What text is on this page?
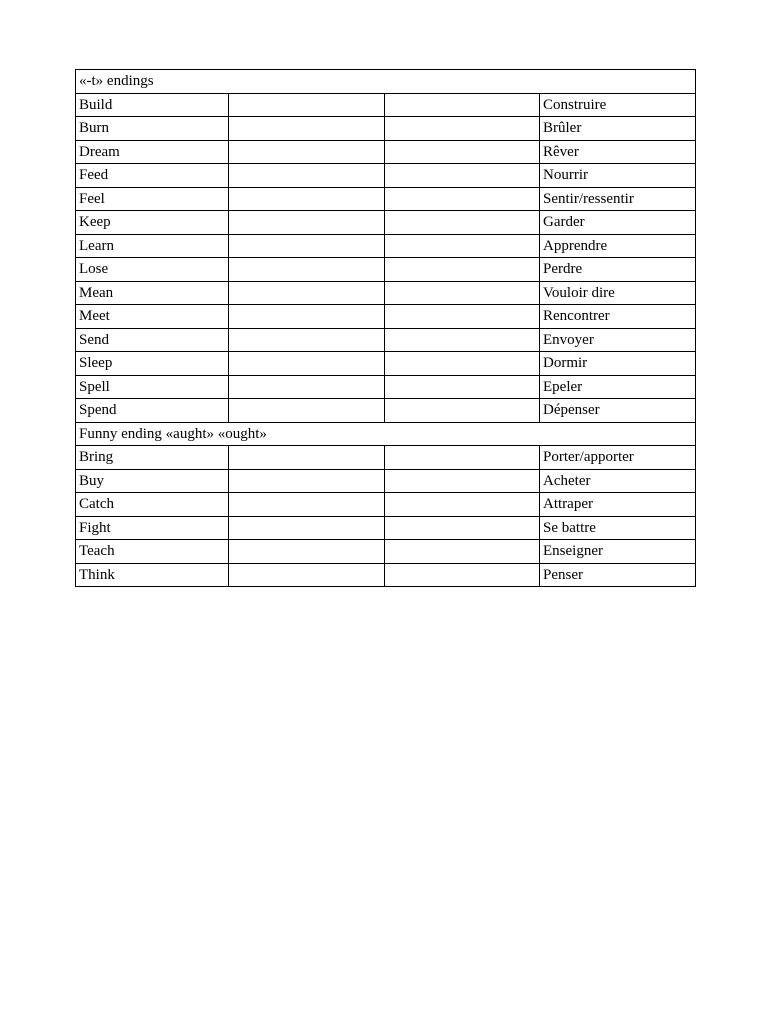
«-t» endings			
Build			Construire
Burn			Brûler
Dream			Rêver
Feed			Nourrir
Feel			Sentir/ressentir
Keep			Garder
Learn			Apprendre
Lose			Perdre
Mean			Vouloir dire
Meet			Rencontrer
Send			Envoyer
Sleep			Dormir
Spell			Epeler
Spend			Dépenser
Funny ending «aught» «ought»			
Bring			Porter/apporter
Buy			Acheter
Catch			Attraper
Fight			Se battre
Teach			Enseigner
Think			Penser
